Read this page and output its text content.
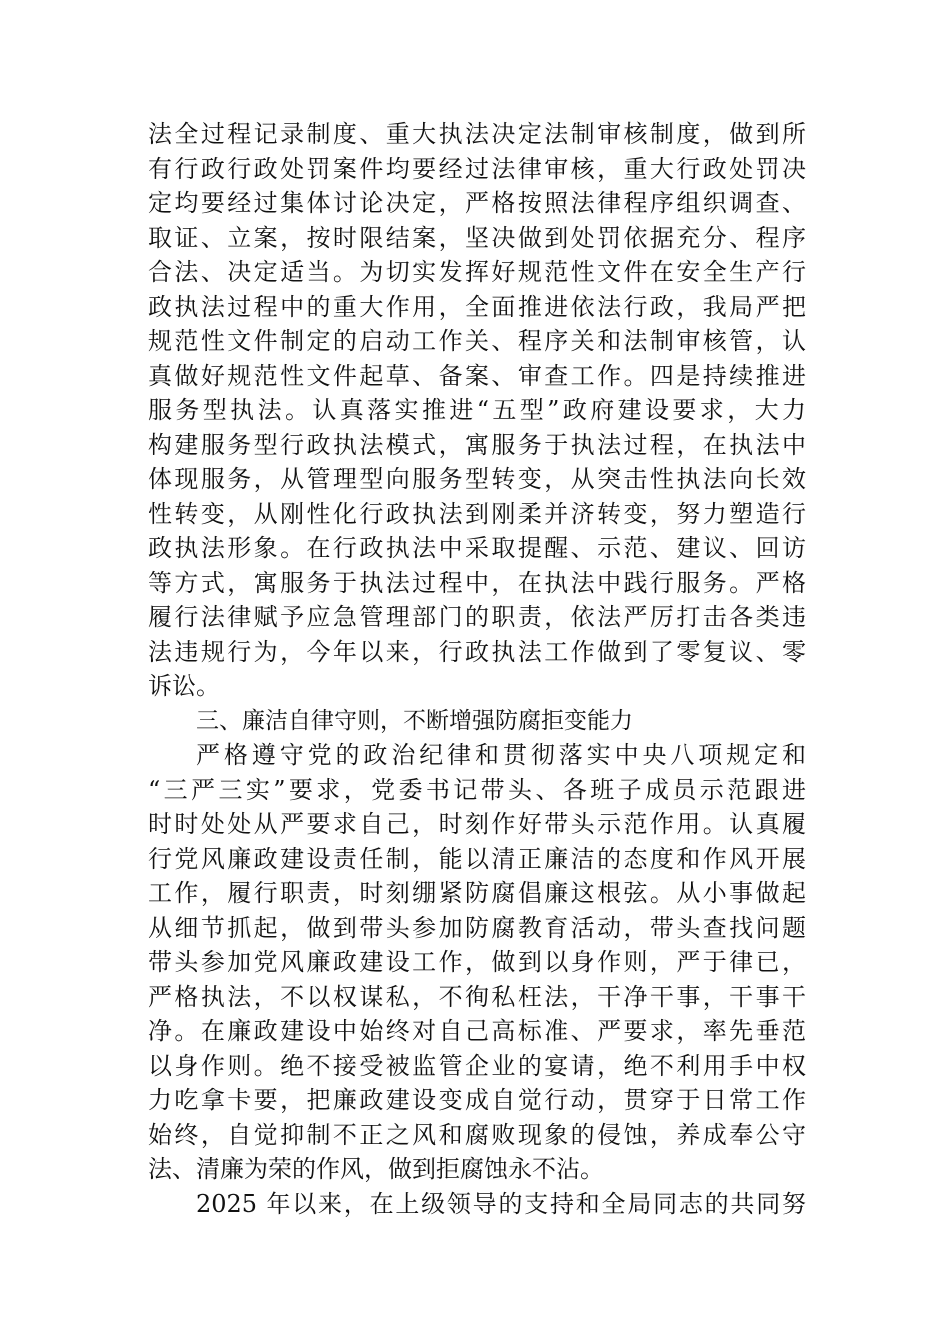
法全过程记录制度、重大执法决定法制审核制度，做到所
有行政行政处罚案件均要经过法律审核，重大行政处罚决
定均要经过集体讨论决定，严格按照法律程序组织调查、
取证、立案，按时限结案，坚决做到处罚依据充分、程序
合法、决定适当。为切实发挥好规范性文件在安全生产行
政执法过程中的重大作用，全面推进依法行政，我局严把
规范性文件制定的启动工作关、程序关和法制审核管，认
真做好规范性文件起草、备案、审查工作。四是持续推进
服务型执法。认真落实推进“五型”政府建设要求，大力
构建服务型行政执法模式，寓服务于执法过程，在执法中
体现服务，从管理型向服务型转变，从突击性执法向长效
性转变，从刚性化行政执法到刚柔并济转变，努力塑造行
政执法形象。在行政执法中采取提醒、示范、建议、回访
等方式，寓服务于执法过程中，在执法中践行服务。严格
履行法律赋予应急管理部门的职责，依法严厉打击各类违
法违规行为，今年以来，行政执法工作做到了零复议、零
诉讼。
三、廉洁自律守则，不断增强防腐拒变能力
严格遵守党的政治纪律和贯彻落实中央八项规定和
“三严三实”要求，党委书记带头、各班子成员示范跟进
时时处处从严要求自己，时刻作好带头示范作用。认真履
行党风廉政建设责任制，能以清正廉洁的态度和作风开展
工作，履行职责，时刻绷紧防腐倡廉这根弦。从小事做起
从细节抓起，做到带头参加防腐教育活动，带头查找问题
带头参加党风廉政建设工作，做到以身作则，严于律已，
严格执法，不以权谋私，不徇私枉法，干净干事，干事干
净。在廉政建设中始终对自己高标准、严要求，率先垂范
以身作则。绝不接受被监管企业的宴请，绝不利用手中权
力吃拿卡要，把廉政建设变成自觉行动，贯穿于日常工作
始终，自觉抑制不正之风和腐败现象的侵蚀，养成奉公守
法、清廉为荣的作风，做到拒腐蚀永不沾。
2025 年以来，在上级领导的支持和全局同志的共同努
